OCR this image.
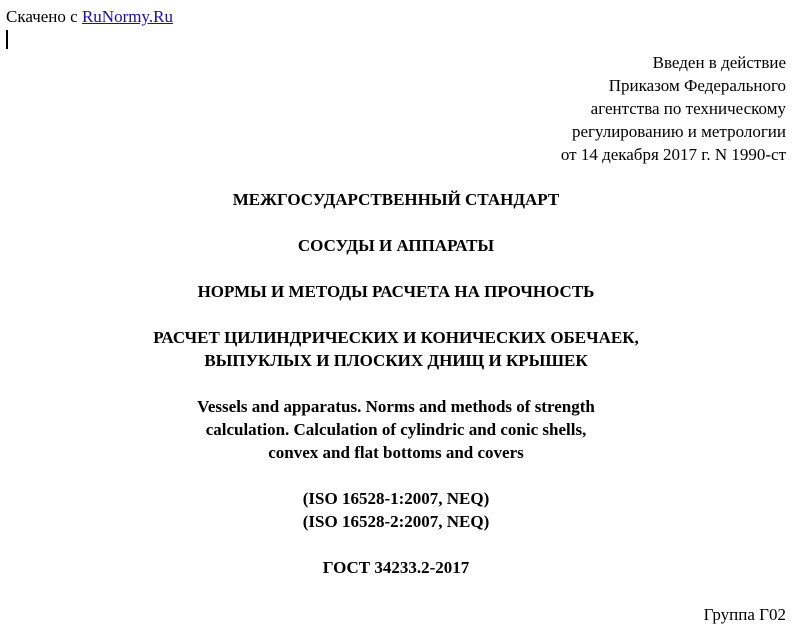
Скачено с RuNormy.Ru
Введен в действие
Приказом Федерального
агентства по техническому
регулированию и метрологии
от 14 декабря 2017 г. N 1990-ст
МЕЖГОСУДАРСТВЕННЫЙ СТАНДАРТ
СОСУДЫ И АППАРАТЫ
НОРМЫ И МЕТОДЫ РАСЧЕТА НА ПРОЧНОСТЬ
РАСЧЕТ ЦИЛИНДРИЧЕСКИХ И КОНИЧЕСКИХ ОБЕЧАЕК,
ВЫПУКЛЫХ И ПЛОСКИХ ДНИЩ И КРЫШЕК
Vessels and apparatus. Norms and methods of strength
calculation. Calculation of cylindric and conic shells,
convex and flat bottoms and covers
(ISO 16528-1:2007, NEQ)
(ISO 16528-2:2007, NEQ)
ГОСТ 34233.2-2017
Группа Г02
